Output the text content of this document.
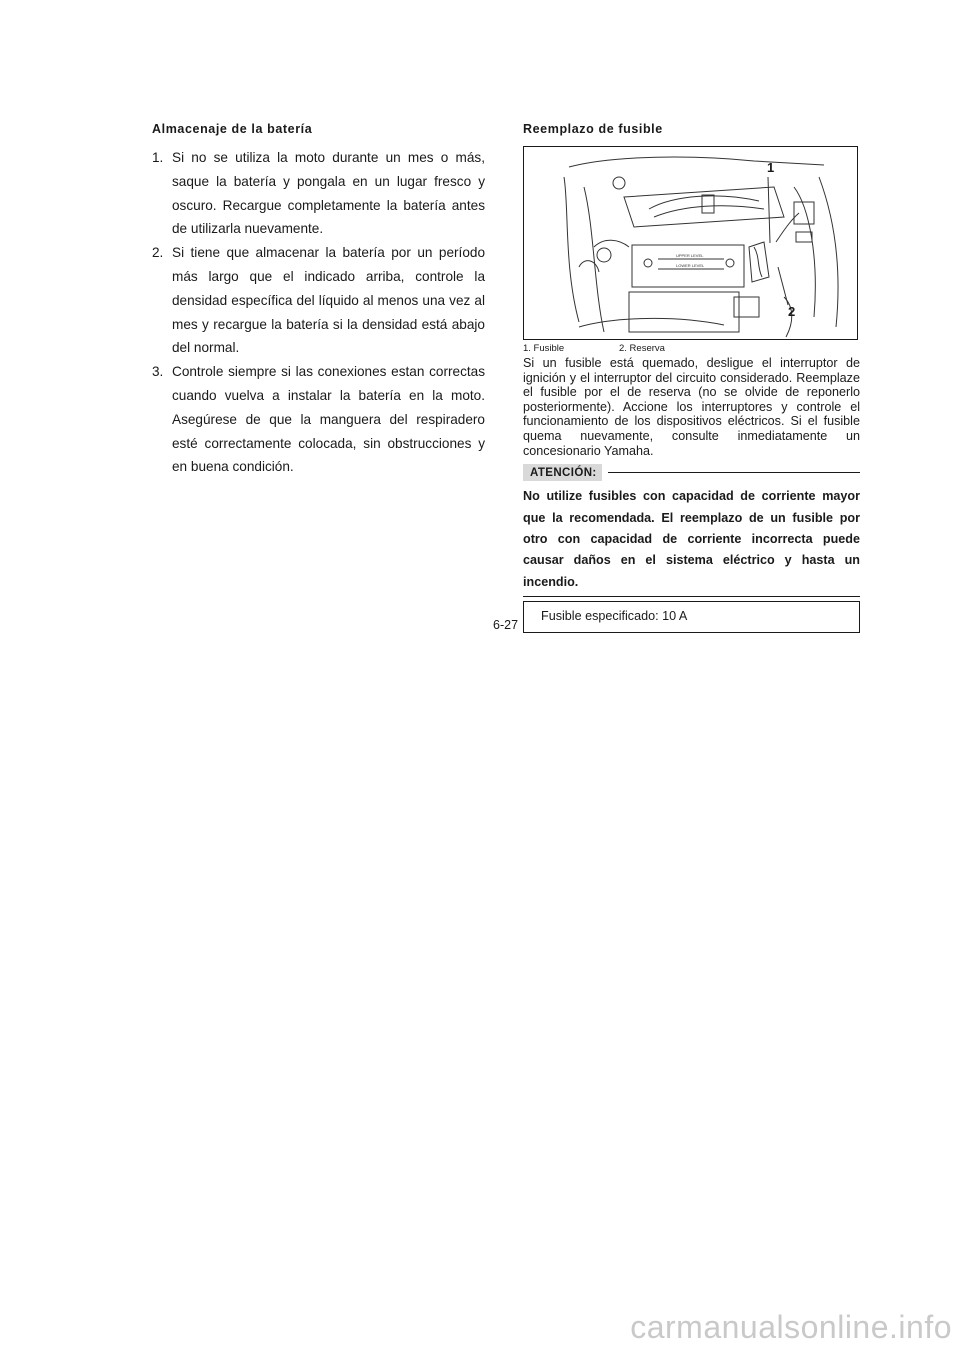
Almacenaje de la batería
1. Si no se utiliza la moto durante un mes o más, saque la batería y pongala en un lugar fresco y oscuro. Recargue completamente la batería antes de utilizarla nuevamente.
2. Si tiene que almacenar la batería por un período más largo que el indicado arriba, controle la densidad específica del líquido al menos una vez al mes y recargue la batería si la densidad está abajo del normal.
3. Controle siempre si las conexiones estan correctas cuando vuelva a instalar la batería en la moto. Asegúrese de que la manguera del respiradero esté correctamente colocada, sin obstrucciones y en buena condición.
Reemplazo de fusible
UPPER LEVEL
LOWER LEVEL
1
2
1. Fusible	2. Reserva

Si un fusible está quemado, desligue el interruptor de ignición y el interruptor del circuito considerado. Reemplaze el fusible por el de reserva (no se olvide de reponerlo posteriormente). Accione los interruptores y controle el funcionamiento de los dispositivos eléctricos. Si el fusible quema nuevamente, consulte inmediatamente un concesionario Yamaha.

ATENCIÓN:

No utilize fusibles con capacidad de corriente mayor que la recomendada. El reemplazo de un fusible por otro con capacidad de corriente incorrecta puede causar daños en el sistema eléctrico y hasta un incendio.

Fusible especificado: 10 A
6-27
carmanualsonline.info
